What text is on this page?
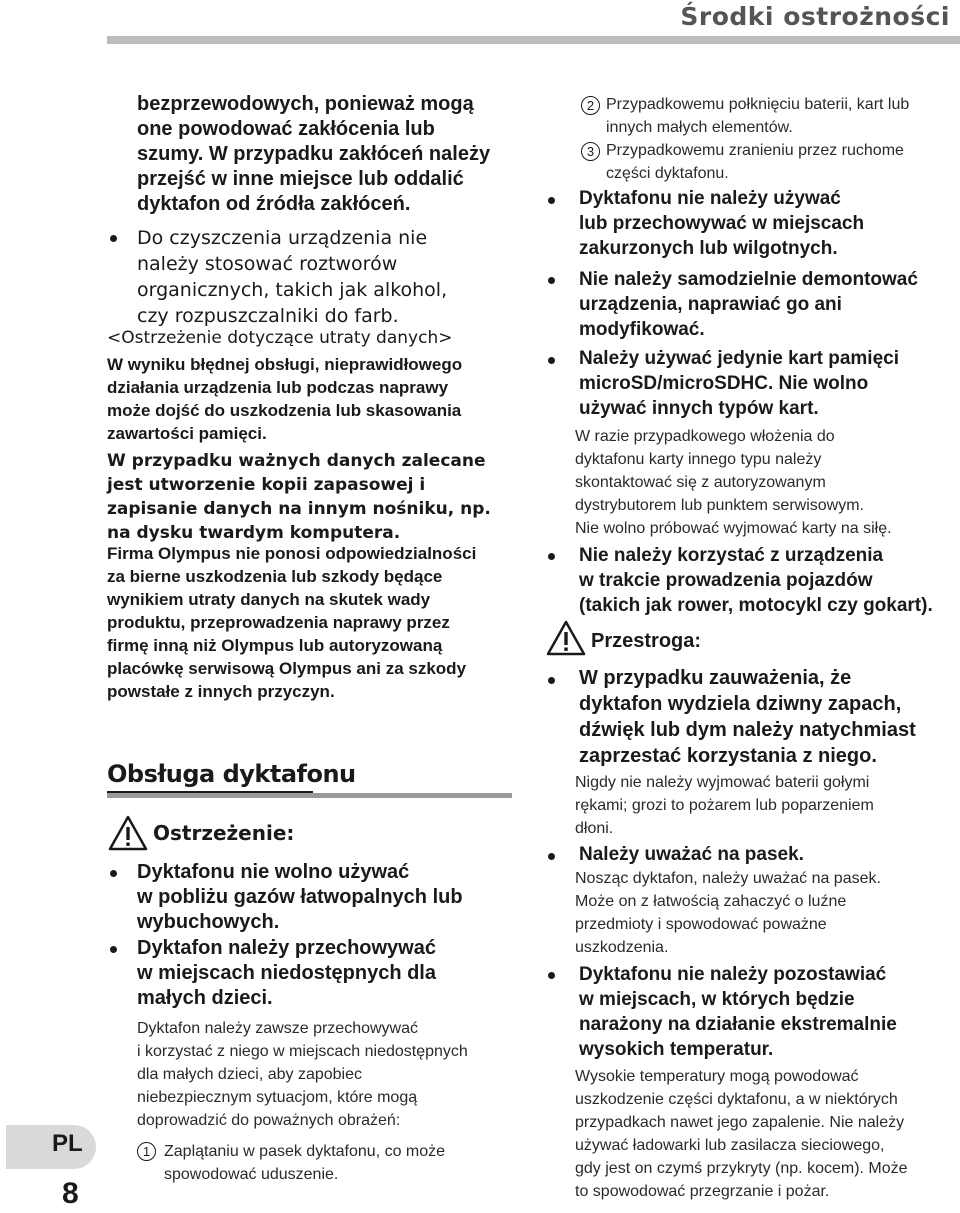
Środki ostrożności
bezprzewodowych, ponieważ mogą
one powodować zakłócenia lub
szumy. W przypadku zakłóceń należy
przejść w inne miejsce lub oddalić
dyktafon od źródła zakłóceń.
Do czyszczenia urządzenia nie
należy stosować roztworów
organicznych, takich jak alkohol,
czy rozpuszczalniki do farb.
<Ostrzeżenie dotyczące utraty danych>
W wyniku błędnej obsługi, nieprawidłowego
działania urządzenia lub podczas naprawy
może dojść do uszkodzenia lub skasowania
zawartości pamięci.
W przypadku ważnych danych zalecane
jest utworzenie kopii zapasowej i
zapisanie danych na innym nośniku, np.
na dysku twardym komputera.
Firma Olympus nie ponosi odpowiedzialności
za bierne uszkodzenia lub szkody będące
wynikiem utraty danych na skutek wady
produktu, przeprowadzenia naprawy przez
firmę inną niż Olympus lub autoryzowaną
placówkę serwisową Olympus ani za szkody
powstałe z innych przyczyn.
Obsługa dyktafonu
Ostrzeżenie:
Dyktafonu nie wolno używać
w pobliżu gazów łatwopalnych lub
wybuchowych.
Dyktafon należy przechowywać
w miejscach niedostępnych dla
małych dzieci.
Dyktafon należy zawsze przechowywać
i korzystać z niego w miejscach niedostępnych
dla małych dzieci, aby zapobiec
niebezpiecznym sytuacjom, które mogą
doprowadzić do poważnych obrażeń:
1 Zaplątaniu w pasek dyktafonu, co może
spowodować uduszenie.
2 Przypadkowemu połknięciu baterii, kart lub
innych małych elementów.
3 Przypadkowemu zranieniu przez ruchome
części dyktafonu.
Dyktafonu nie należy używać
lub przechowywać w miejscach
zakurzonych lub wilgotnych.
Nie należy samodzielnie demontować
urządzenia, naprawiać go ani
modyfikować.
Należy używać jedynie kart pamięci
microSD/microSDHC. Nie wolno
używać innych typów kart.
W razie przypadkowego włożenia do
dyktafonu karty innego typu należy
skontaktować się z autoryzowanym
dystrybutorem lub punktem serwisowym.
Nie wolno próbować wyjmować karty na siłę.
Nie należy korzystać z urządzenia
w trakcie prowadzenia pojazdów
(takich jak rower, motocykl czy gokart).
Przestroga:
W przypadku zauważenia, że
dyktafon wydziela dziwny zapach,
dźwięk lub dym należy natychmiast
zaprzestać korzystania z niego.
Nigdy nie należy wyjmować baterii gołymi
rękami; grozi to pożarem lub poparzeniem
dłoni.
Należy uważać na pasek.
Nosząc dyktafon, należy uważać na pasek.
Może on z łatwością zahaczyć o luźne
przedmioty i spowodować poważne
uszkodzenia.
Dyktafonu nie należy pozostawiać
w miejscach, w których będzie
narażony na działanie ekstremalnie
wysokich temperatur.
Wysokie temperatury mogą powodować
uszkodzenie części dyktafonu, a w niektórych
przypadkach nawet jego zapalenie. Nie należy
używać ładowarki lub zasilacza sieciowego,
gdy jest on czymś przykryty (np. kocem). Może
to spowodować przegrzanie i pożar.
PL
8
